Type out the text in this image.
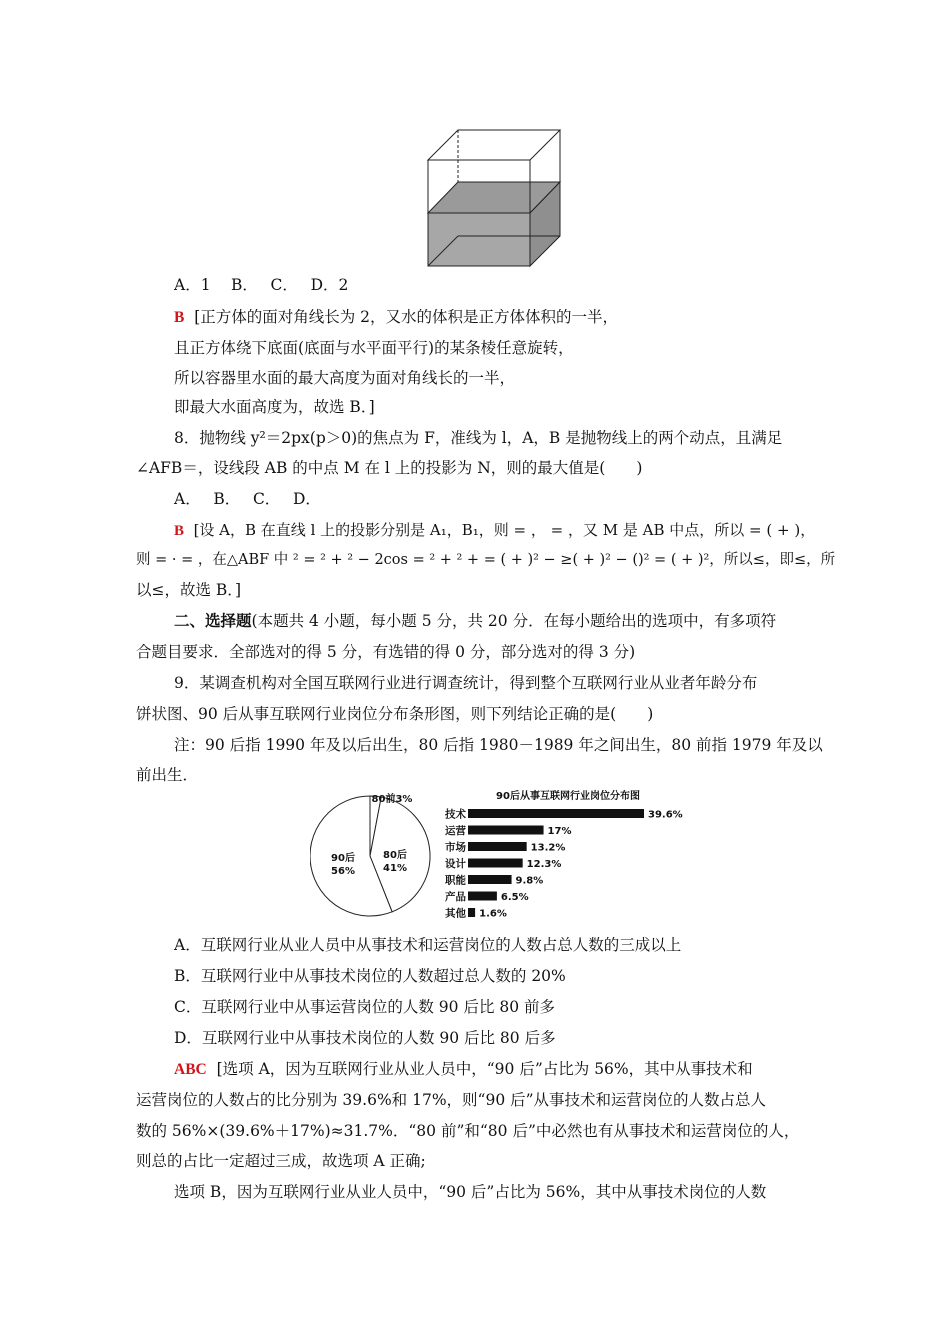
A．1　 B．　 C．　 D．2
B [正方体的面对角线长为 2，又水的体积是正方体体积的一半，
且正方体绕下底面(底面与水平面平行)的某条棱任意旋转，
所以容器里水面的最大高度为面对角线长的一半，
即最大水面高度为，故选 B．]
8．抛物线 y²＝2px(p＞0)的焦点为 F，准线为 l，A，B 是抛物线上的两个动点，且满足
∠AFB＝，设线段 AB 的中点 M 在 l 上的投影为 N，则的最大值是(　　)
A．　 B．　 C．　 D．
B [设 A，B 在直线 l 上的投影分别是 A₁，B₁，则 = ， = ，又 M 是 AB 中点，所以 = ( + )，
则 = · = ，在△ABF 中 ² = ² + ² − 2cos = ² + ² + = ( + )² − ≥( + )² − ()² = ( + )²，所以≤，即≤，所
以≤，故选 B．]
二、选择题(本题共 4 小题，每小题 5 分，共 20 分．在每小题给出的选项中，有多项符
合题目要求．全部选对的得 5 分，有选错的得 0 分，部分选对的得 3 分)
9．某调查机构对全国互联网行业进行调查统计，得到整个互联网行业从业者年龄分布
饼状图、90 后从事互联网行业岗位分布条形图，则下列结论正确的是(　　)
注：90 后指 1990 年及以后出生，80 后指 1980－1989 年之间出生，80 前指 1979 年及以
前出生．
80前3%
80后
41%
90后
56%
90后从事互联网行业岗位分布图
技术	39.6%
运营	17%
市场	13.2%
设计	12.3%
职能	9.8%
产品	6.5%
其他 1.6%
A．互联网行业从业人员中从事技术和运营岗位的人数占总人数的三成以上
B．互联网行业中从事技术岗位的人数超过总人数的 20%
C．互联网行业中从事运营岗位的人数 90 后比 80 前多
D．互联网行业中从事技术岗位的人数 90 后比 80 后多
ABC [选项 A，因为互联网行业从业人员中，“90 后”占比为 56%，其中从事技术和
运营岗位的人数占的比分别为 39.6%和 17%，则“90 后”从事技术和运营岗位的人数占总人
数的 56%×(39.6%＋17%)≈31.7%．“80 前”和“80 后”中必然也有从事技术和运营岗位的人，
则总的占比一定超过三成，故选项 A 正确;
选项 B，因为互联网行业从业人员中，“90 后”占比为 56%，其中从事技术岗位的人数
